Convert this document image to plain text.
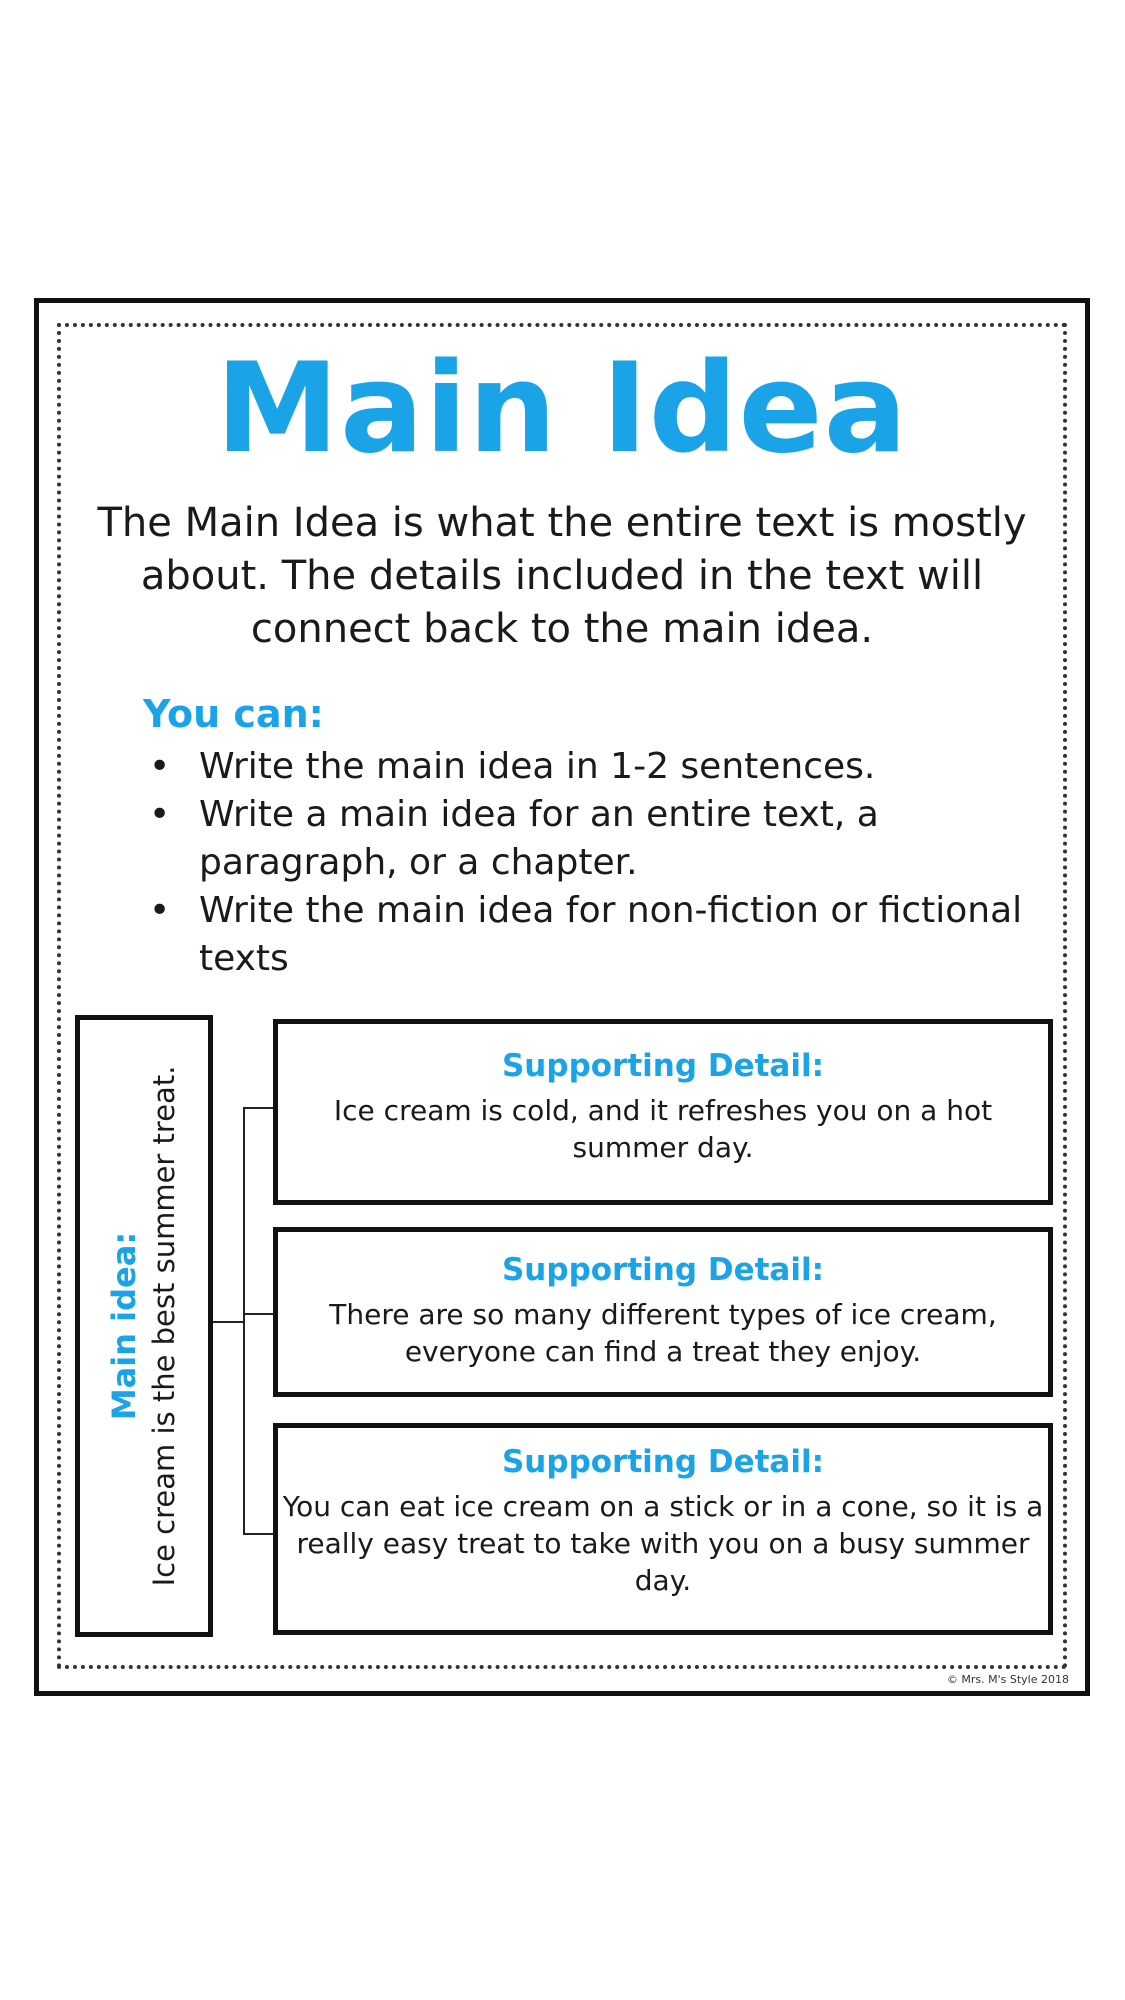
Main Idea

The Main Idea is what the entire text is mostly about. The details included in the text will connect back to the main idea.

You can:
• Write the main idea in 1-2 sentences.
• Write a main idea for an entire text, a paragraph, or a chapter.
• Write the main idea for non-fiction or fictional texts
Main idea: Ice cream is the best summer treat.	Supporting Detail:
Ice cream is cold, and it refreshes you on a hot summer day.
Supporting Detail:
There are so many different types of ice cream, everyone can find a treat they enjoy.
Supporting Detail:
You can eat ice cream on a stick or in a cone, so it is a really easy treat to take with you on a busy summer day.
© Mrs. M's Style 2018
